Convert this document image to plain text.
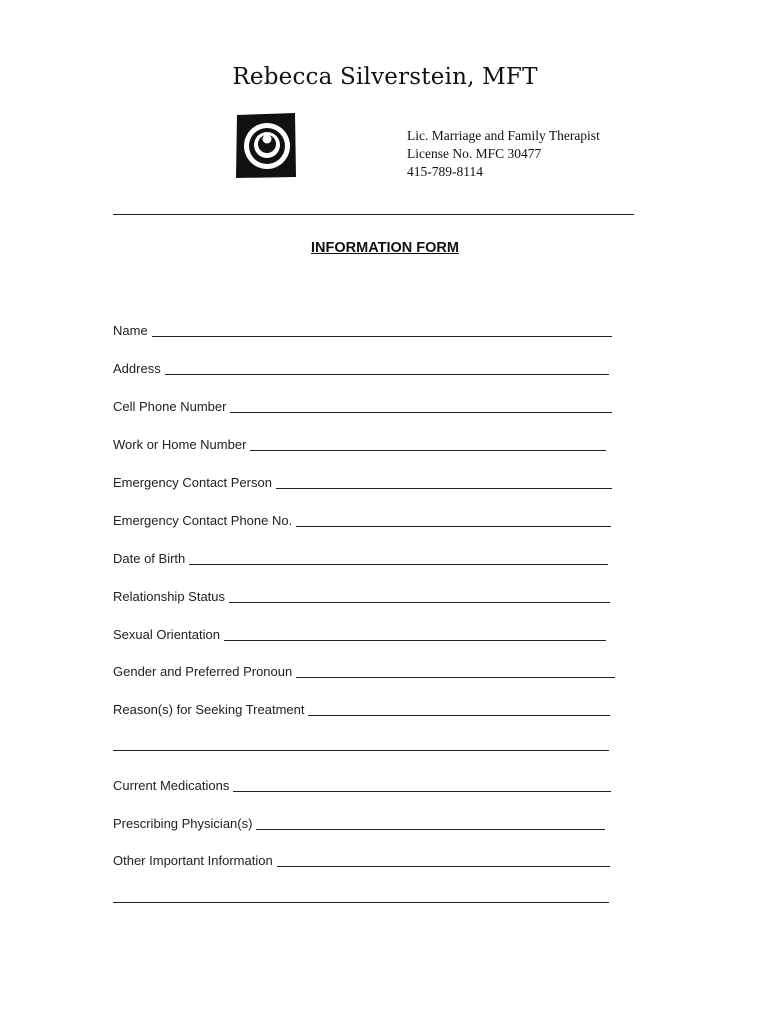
Rebecca Silverstein, MFT
Lic. Marriage and Family Therapist
License No. MFC 30477
415-789-8114
INFORMATION FORM
Name
Address
Cell Phone Number
Work or Home Number
Emergency Contact Person
Emergency Contact Phone No.
Date of Birth
Relationship Status
Sexual Orientation
Gender and Preferred Pronoun
Reason(s) for Seeking Treatment
Current Medications
Prescribing Physician(s)
Other Important Information
